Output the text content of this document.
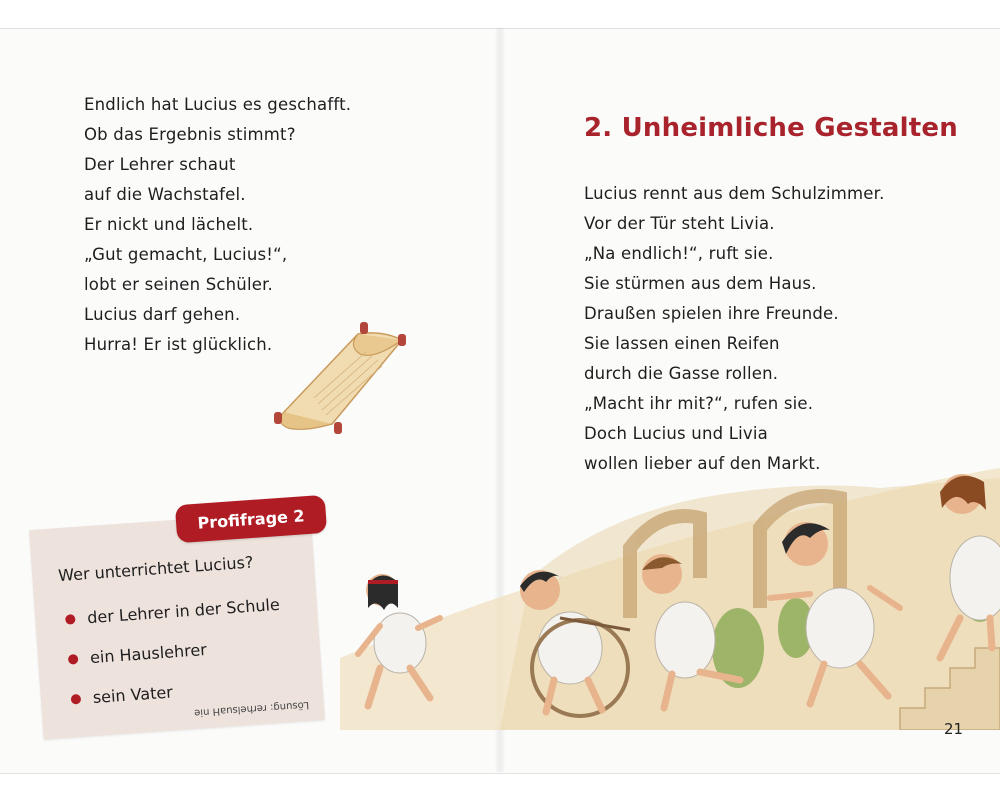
Endlich hat Lucius es geschafft.
Ob das Ergebnis stimmt?
Der Lehrer schaut
auf die Wachstafel.
Er nickt und lächelt.
„Gut gemacht, Lucius!“,
lobt er seinen Schüler.
Lucius darf gehen.
Hurra! Er ist glücklich.

Wer unterrichtet Lucius?

der Lehrer in der Schule
ein Hauslehrer
sein Vater
Lösung: rerhelsuaH nie
Profifrage 2
2. Unheimliche Gestalten
Lucius rennt aus dem Schulzimmer.
Vor der Tür steht Livia.
„Na endlich!“, ruft sie.
Sie stürmen aus dem Haus.
Draußen spielen ihre Freunde.
Sie lassen einen Reifen
durch die Gasse rollen.
„Macht ihr mit?“, rufen sie.
Doch Lucius und Livia
wollen lieber auf den Markt.
21
